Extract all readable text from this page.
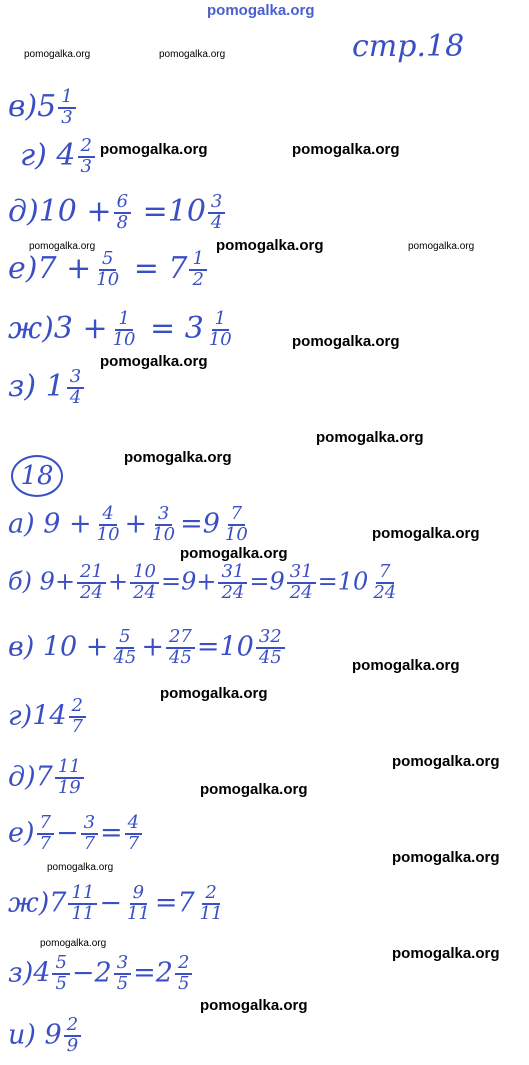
pomogalka.org
pomogalka.org	pomogalka.org
pomogalka.org	pomogalka.org
pomogalka.org	pomogalka.org	pomogalka.org
pomogalka.org
pomogalka.org
pomogalka.org
pomogalka.org
pomogalka.org
pomogalka.org
pomogalka.org
pomogalka.org
pomogalka.org
pomogalka.org
pomogalka.org
pomogalka.org
pomogalka.org
pomogalka.org
pomogalka.org
стр.18
$в)5 \frac{1}{3}$
г) $4 \frac{2}{3}$
$д)10 + \frac{6}{8} =10 \frac{3}{4}$
$е)7 + \frac{5}{10} = 7 \frac{1}{2}$
$ж)3 + \frac{1}{10} = 3 \frac{1}{10}$
з) $1 \frac{3}{4}$
18
а) $9 + \frac{4}{10} + \frac{3}{10} =9 \frac{7}{10}$
б) $9+ \frac{21}{24} + \frac{10}{24} =9+ \frac{31}{24} =9 \frac{31}{24} =10 \frac{7}{24}$
в) $10 + \frac{5}{45} + \frac{27}{45} =10 \frac{32}{45}$
$г)14 \frac{2}{7}$
$д)7 \frac{11}{19}$
$е) \frac{7}{7} - \frac{3}{7} = \frac{4}{7}$
$ж)7 \frac{11}{11} - \frac{9}{11} =7 \frac{2}{11}$
$з)4 \frac{5}{5} -2 \frac{3}{5} =2 \frac{2}{5}$
и) $9 \frac{2}{9}$
